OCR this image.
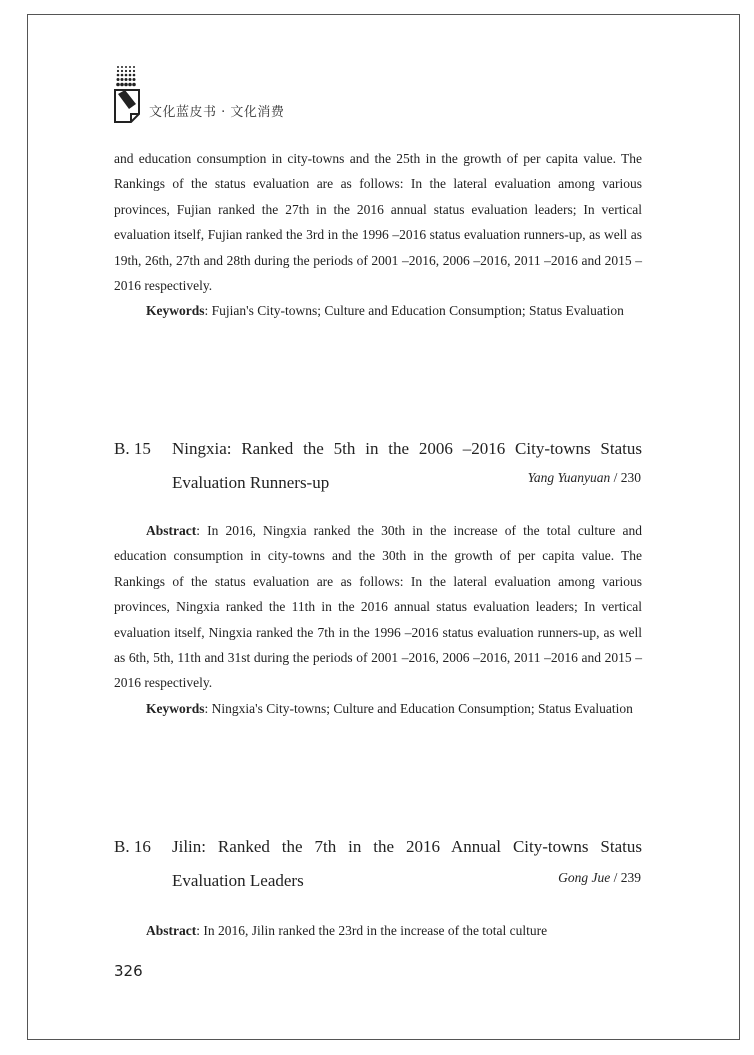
文化蓝皮书 · 文化消费

and education consumption in city-towns and the 25th in the growth of per capita value. The Rankings of the status evaluation are as follows: In the lateral evaluation among various provinces, Fujian ranked the 27th in the 2016 annual status evaluation leaders; In vertical evaluation itself, Fujian ranked the 3rd in the 1996 –2016 status evaluation runners-up, as well as 19th, 26th, 27th and 28th during the periods of 2001 –2016, 2006 –2016, 2011 –2016 and 2015 –2016 respectively.

Keywords: Fujian's City-towns; Culture and Education Consumption; Status Evaluation

B. 15 Ningxia: Ranked the 5th in the 2006 –2016 City-towns Status Evaluation Runners-up	Yang Yuanyuan / 230

Abstract: In 2016, Ningxia ranked the 30th in the increase of the total culture and education consumption in city-towns and the 30th in the growth of per capita value. The Rankings of the status evaluation are as follows: In the lateral evaluation among various provinces, Ningxia ranked the 11th in the 2016 annual status evaluation leaders; In vertical evaluation itself, Ningxia ranked the 7th in the 1996 –2016 status evaluation runners-up, as well as 6th, 5th, 11th and 31st during the periods of 2001 –2016, 2006 –2016, 2011 –2016 and 2015 –2016 respectively.

Keywords: Ningxia's City-towns; Culture and Education Consumption; Status Evaluation

B. 16 Jilin: Ranked the 7th in the 2016 Annual City-towns Status Evaluation Leaders	Gong Jue / 239

Abstract: In 2016, Jilin ranked the 23rd in the increase of the total culture

326
